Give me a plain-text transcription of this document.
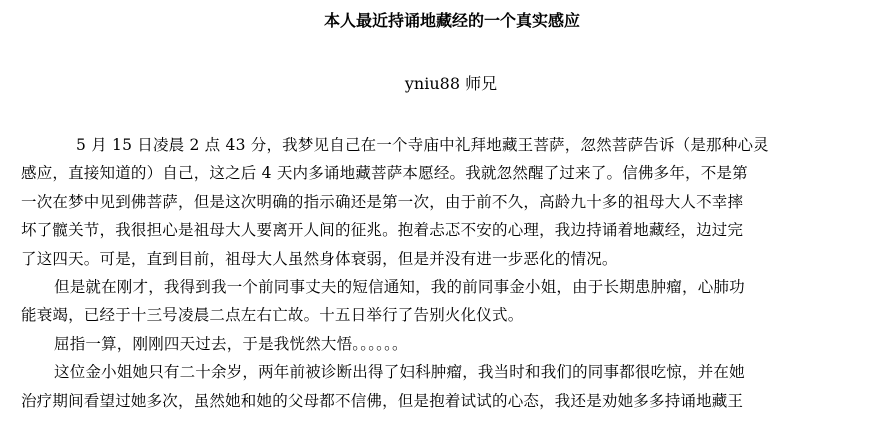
本人最近持诵地藏经的一个真实感应
yniu88 师兄

5 月 15 日凌晨 2 点 43 分，我梦见自己在一个寺庙中礼拜地藏王菩萨，忽然菩萨告诉（是那种心灵
感应，直接知道的）自己，这之后 4 天内多诵地藏菩萨本愿经。我就忽然醒了过来了。信佛多年，不是第
一次在梦中见到佛菩萨，但是这次明确的指示确还是第一次，由于前不久，高龄九十多的祖母大人不幸摔
坏了髋关节，我很担心是祖母大人要离开人间的征兆。抱着忐忑不安的心理，我边持诵着地藏经，边过完
了这四天。可是，直到目前，祖母大人虽然身体衰弱，但是并没有进一步恶化的情况。

但是就在刚才，我得到我一个前同事丈夫的短信通知，我的前同事金小姐，由于长期患肿瘤，心肺功
能衰竭，已经于十三号凌晨二点左右亡故。十五日举行了告别火化仪式。

屈指一算，刚刚四天过去，于是我恍然大悟。。。。。。

这位金小姐她只有二十余岁，两年前被诊断出得了妇科肿瘤，我当时和我们的同事都很吃惊，并在她
治疗期间看望过她多次，虽然她和她的父母都不信佛，但是抱着试试的心态，我还是劝她多多持诵地藏王
